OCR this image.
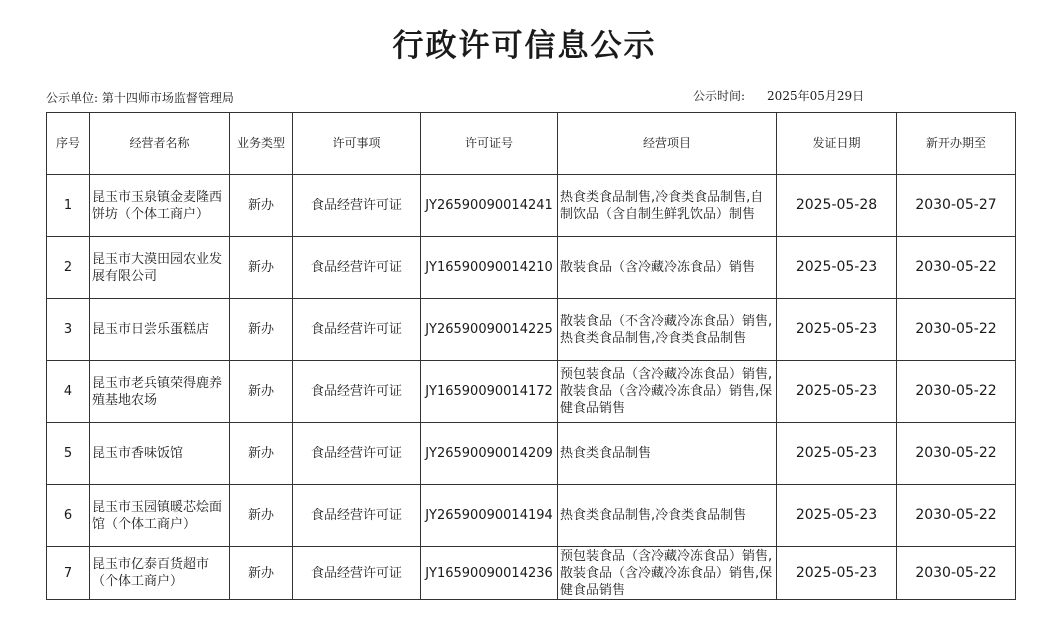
行政许可信息公示
公示单位: 第十四师市场监督管理局	公示时间: 2025年05月29日
序号	经营者名称	业务类型	许可事项	许可证号	经营项目	发证日期	新开办期至
1	昆玉市玉泉镇金麦隆西饼坊（个体工商户）	新办	食品经营许可证	JY26590090014241	热食类食品制售,冷食类食品制售,自制饮品（含自制生鲜乳饮品）制售	2025-05-28	2030-05-27
2	昆玉市大漠田园农业发展有限公司	新办	食品经营许可证	JY16590090014210	散装食品（含冷藏冷冻食品）销售	2025-05-23	2030-05-22
3	昆玉市日尝乐蛋糕店	新办	食品经营许可证	JY26590090014225	散装食品（不含冷藏冷冻食品）销售,热食类食品制售,冷食类食品制售	2025-05-23	2030-05-22
4	昆玉市老兵镇荣得鹿养殖基地农场	新办	食品经营许可证	JY16590090014172	预包装食品（含冷藏冷冻食品）销售,散装食品（含冷藏冷冻食品）销售,保健食品销售	2025-05-23	2030-05-22
5	昆玉市香味饭馆	新办	食品经营许可证	JY26590090014209	热食类食品制售	2025-05-23	2030-05-22
6	昆玉市玉园镇暖芯烩面馆（个体工商户）	新办	食品经营许可证	JY26590090014194	热食类食品制售,冷食类食品制售	2025-05-23	2030-05-22
7	昆玉市亿泰百货超市（个体工商户）	新办	食品经营许可证	JY16590090014236	预包装食品（含冷藏冷冻食品）销售,散装食品（含冷藏冷冻食品）销售,保健食品销售	2025-05-23	2030-05-22
